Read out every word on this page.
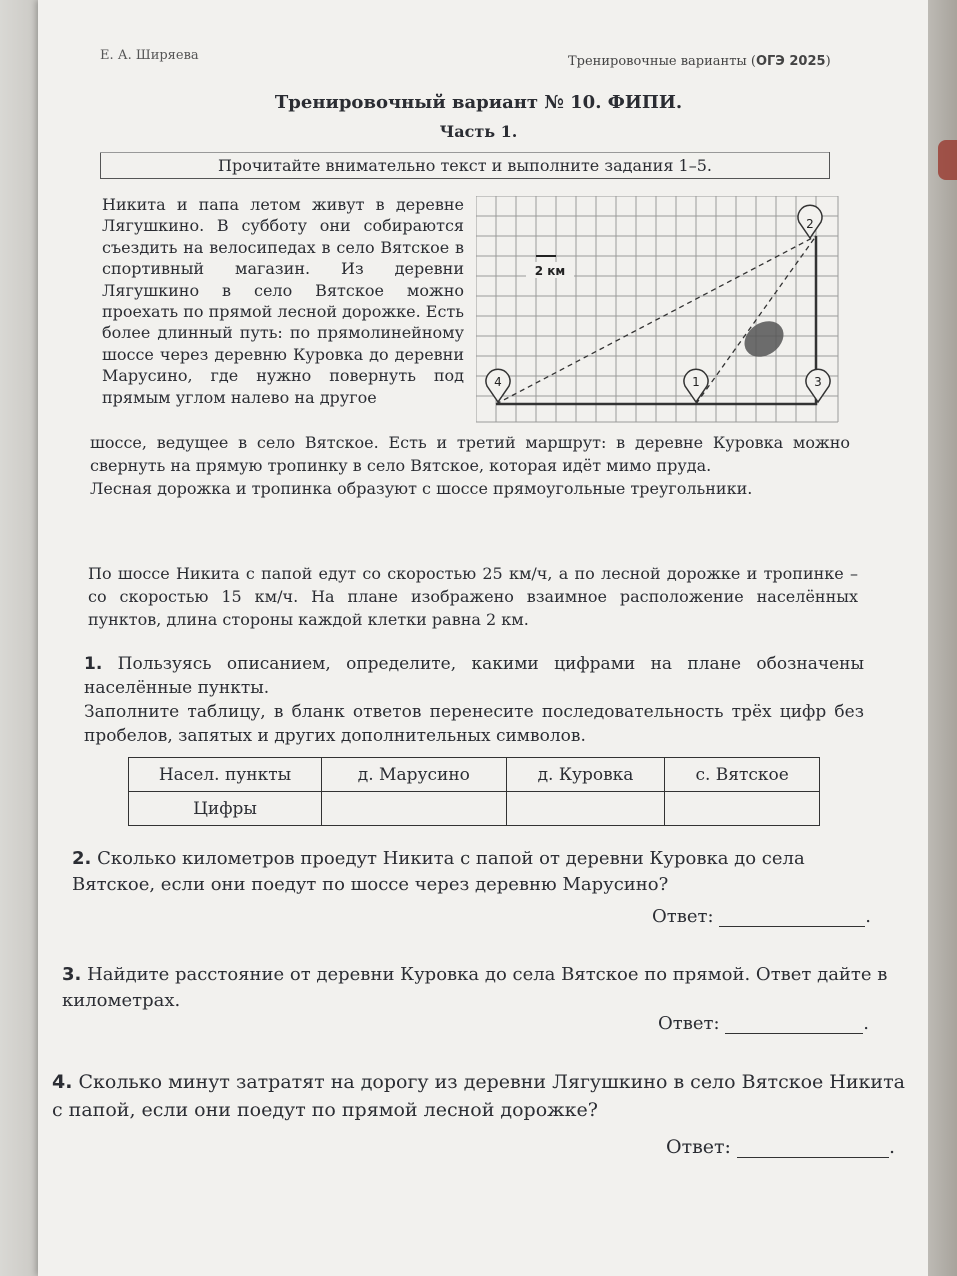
Е. А. Ширяева	Тренировочные варианты (ОГЭ 2025)
Тренировочный вариант № 10. ФИПИ.
Часть 1.
Прочитайте внимательно текст и выполните задания 1–5.
Никита и папа летом живут в деревне Лягушкино. В субботу они собираются съездить на велосипедах в село Вятское в спортивный магазин. Из деревни Лягушкино в село Вятское можно проехать по прямой лесной дорожке. Есть более длинный путь: по прямолинейному шоссе через деревню Куровка до деревни Марусино, где нужно повернуть под прямым углом налево на другое
2 км
1
2
3
4
шоссе, ведущее в село Вятское. Есть и третий маршрут: в деревне Куровка можно свернуть на прямую тропинку в село Вятское, которая идёт мимо пруда.
Лесная дорожка и тропинка образуют с шоссе прямоугольные треугольники.
По шоссе Никита с папой едут со скоростью 25 км/ч, а по лесной дорожке и тропинке – со скоростью 15 км/ч. На плане изображено взаимное расположение населённых пунктов, длина стороны каждой клетки равна 2 км.
1. Пользуясь описанием, определите, какими цифрами на плане обозначены населённые пункты.
Заполните таблицу, в бланк ответов перенесите последовательность трёх цифр без пробелов, запятых и других дополнительных символов.
Насел. пункты	д. Марусино	д. Куровка	с. Вятское
Цифры			
2. Сколько километров проедут Никита с папой от деревни Куровка до села Вятское, если они поедут по шоссе через деревню Марусино?
Ответ:	.
3. Найдите расстояние от деревни Куровка до села Вятское по прямой. Ответ дайте в километрах.
Ответ:	.
4. Сколько минут затратят на дорогу из деревни Лягушкино в село Вятское Никита с папой, если они поедут по прямой лесной дорожке?
Ответ:	.
